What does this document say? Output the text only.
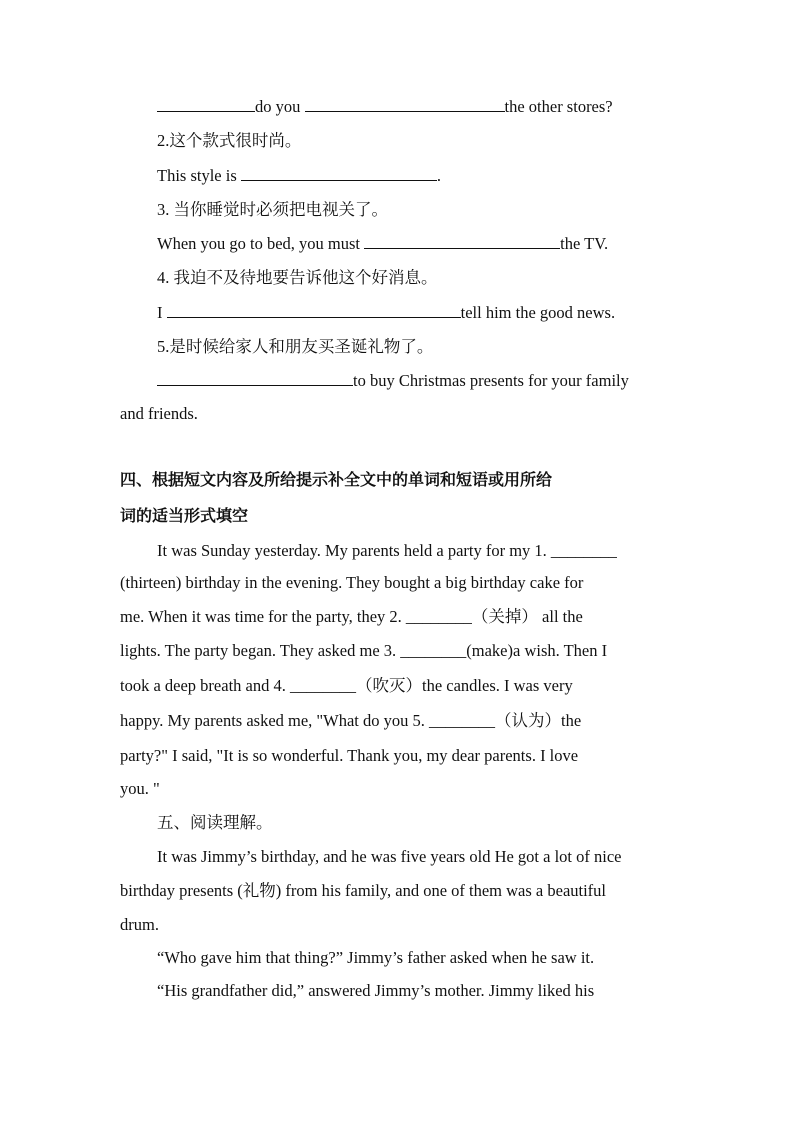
do you	the other stores?
2.这个款式很时尚。
This style is	.
3. 当你睡觉时必须把电视关了。
When you go to bed, you must	the TV.
4. 我迫不及待地要告诉他这个好消息。
I	tell him the good news.
5.是时候给家人和朋友买圣诞礼物了。
to buy Christmas presents for your family
and friends.
四、根据短文内容及所给提示补全文中的单词和短语或用所给
词的适当形式填空
It was Sunday yesterday. My parents held a party for my 1. ________
(thirteen) birthday in the evening. They bought a big birthday cake for
me. When it was time for the party, they 2. ________（关掉） all the
lights. The party began. They asked me 3. ________(make)a wish. Then I
took a deep breath and 4. ________（吹灭）the candles. I was very
happy. My parents asked me, "What do you 5. ________（认为）the
party?" I said, "It is so wonderful. Thank you, my dear parents. I love
you. "
五、阅读理解。
It was Jimmy’s birthday, and he was five years old He got a lot of nice
birthday presents (礼物) from his family, and one of them was a beautiful
drum.
“Who gave him that thing?” Jimmy’s father asked when he saw it.
“His grandfather did,” answered Jimmy’s mother. Jimmy liked his
